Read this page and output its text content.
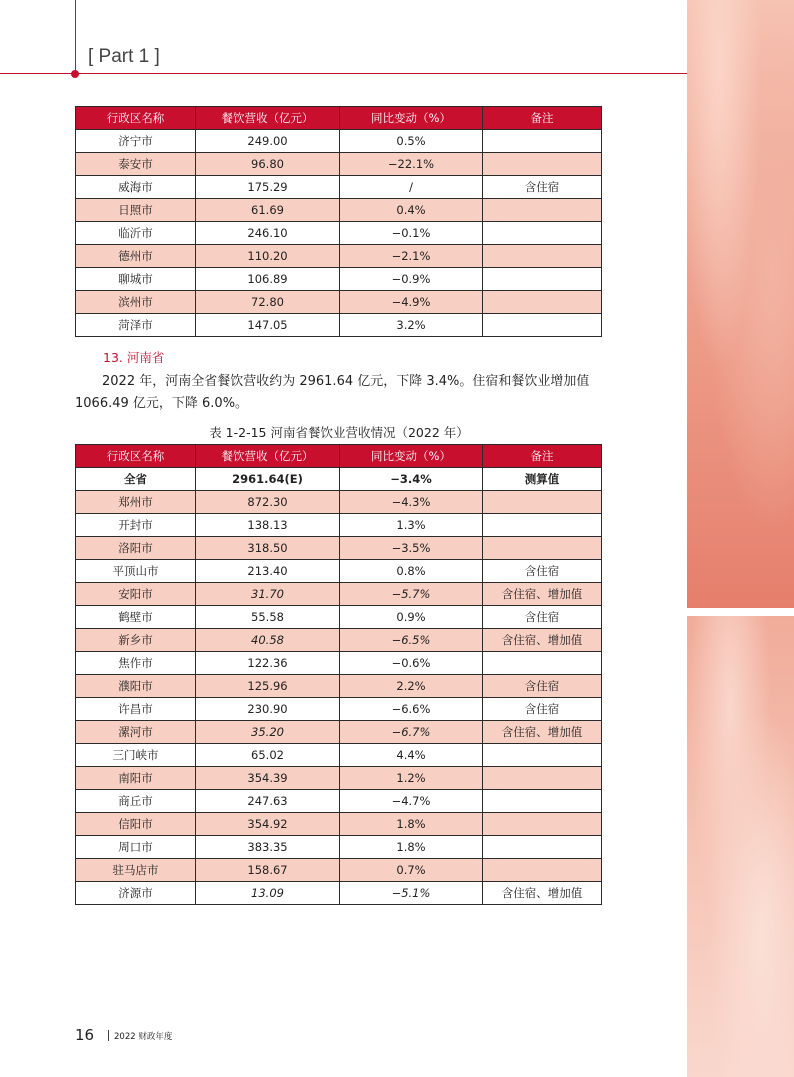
[ Part 1 ]
行政区名称	餐饮营收（亿元）	同比变动（%）	备注
济宁市	249.00	0.5%	
泰安市	96.80	−22.1%	
威海市	175.29	/	含住宿
日照市	61.69	0.4%	
临沂市	246.10	−0.1%	
德州市	110.20	−2.1%	
聊城市	106.89	−0.9%	
滨州市	72.80	−4.9%	
菏泽市	147.05	3.2%	
13. 河南省

2022 年，河南全省餐饮营收约为 2961.64 亿元，下降 3.4%。住宿和餐饮业增加值

1066.49 亿元，下降 6.0%。

表 1-2-15 河南省餐饮业营收情况（2022 年）
行政区名称	餐饮营收（亿元）	同比变动（%）	备注
全省	2961.64(E)	−3.4%	测算值
郑州市	872.30	−4.3%	
开封市	138.13	1.3%	
洛阳市	318.50	−3.5%	
平顶山市	213.40	0.8%	含住宿
安阳市	31.70	−5.7%	含住宿、增加值
鹤壁市	55.58	0.9%	含住宿
新乡市	40.58	−6.5%	含住宿、增加值
焦作市	122.36	−0.6%	
濮阳市	125.96	2.2%	含住宿
许昌市	230.90	−6.6%	含住宿
漯河市	35.20	−6.7%	含住宿、增加值
三门峡市	65.02	4.4%	
南阳市	354.39	1.2%	
商丘市	247.63	−4.7%	
信阳市	354.92	1.8%	
周口市	383.35	1.8%	
驻马店市	158.67	0.7%	
济源市	13.09	−5.1%	含住宿、增加值
16 2022 财政年度
